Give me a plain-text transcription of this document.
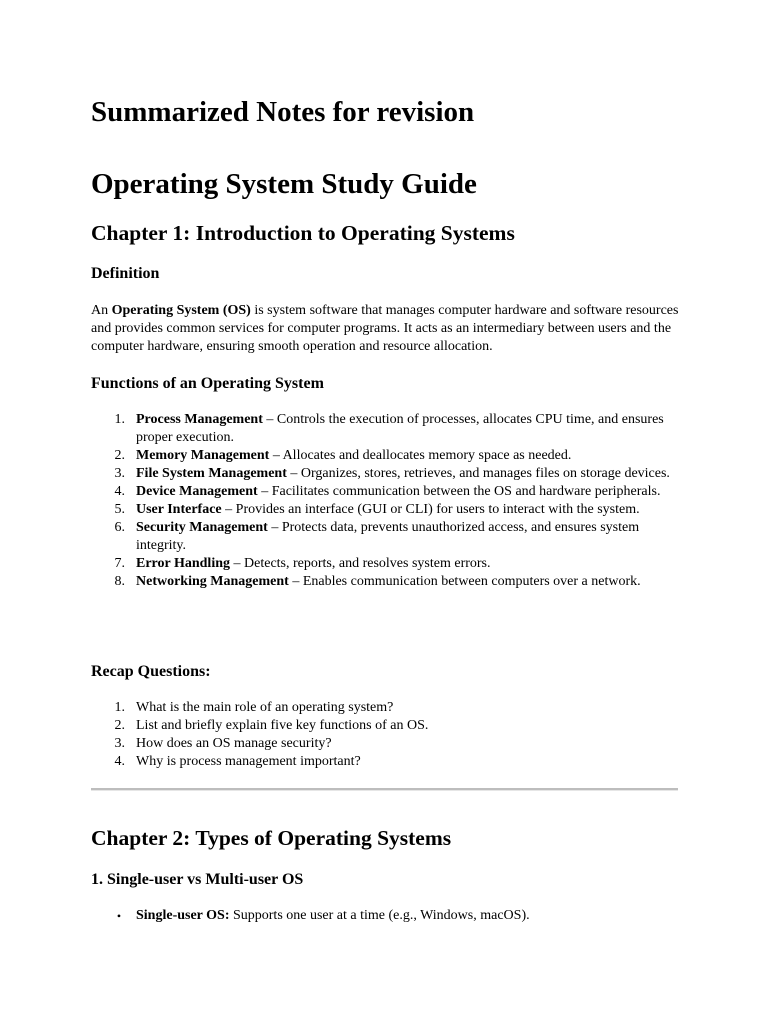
Summarized Notes for revision
Operating System Study Guide
Chapter 1: Introduction to Operating Systems
Definition

An Operating System (OS) is system software that manages computer hardware and software resources and provides common services for computer programs. It acts as an intermediary between users and the computer hardware, ensuring smooth operation and resource allocation.

Functions of an Operating System
1. Process Management – Controls the execution of processes, allocates CPU time, and ensures proper execution.
2. Memory Management – Allocates and deallocates memory space as needed.
3. File System Management – Organizes, stores, retrieves, and manages files on storage devices.
4. Device Management – Facilitates communication between the OS and hardware peripherals.
5. User Interface – Provides an interface (GUI or CLI) for users to interact with the system.
6. Security Management – Protects data, prevents unauthorized access, and ensures system integrity.
7. Error Handling – Detects, reports, and resolves system errors.
8. Networking Management – Enables communication between computers over a network.
Recap Questions:
1. What is the main role of an operating system?
2. List and briefly explain five key functions of an OS.
3. How does an OS manage security?
4. Why is process management important?
Chapter 2: Types of Operating Systems
1. Single-user vs Multi-user OS
• Single-user OS: Supports one user at a time (e.g., Windows, macOS).
